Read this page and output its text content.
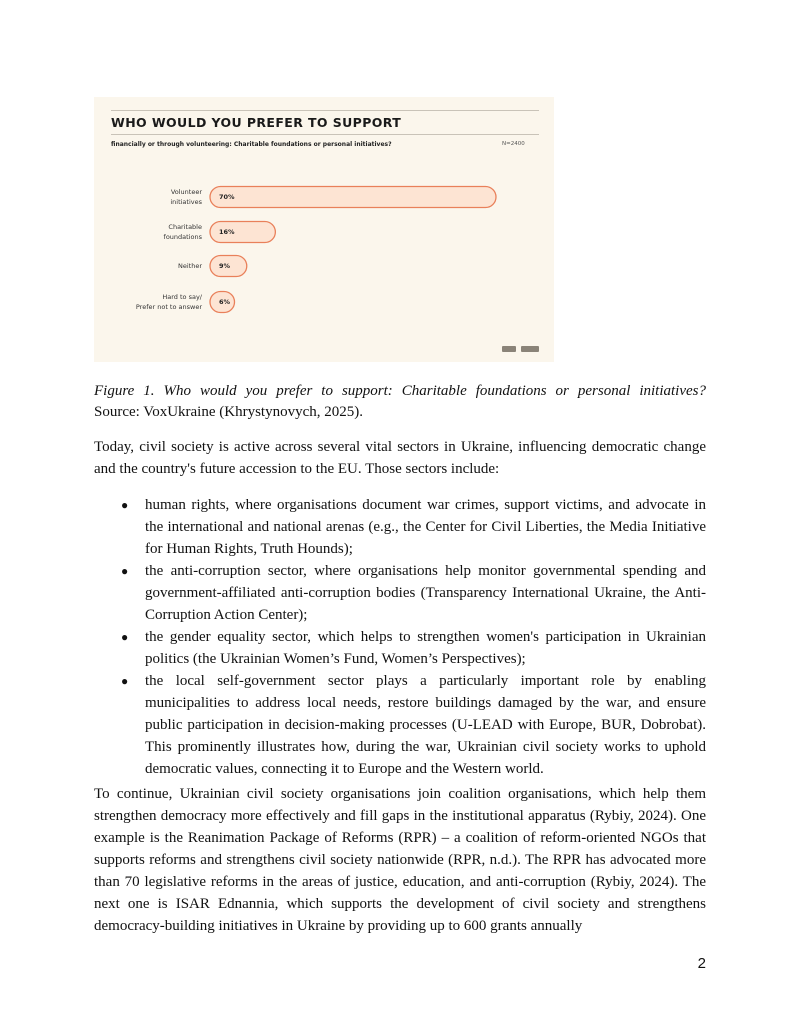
WHO WOULD YOU PREFER TO SUPPORT
financially or through volunteering: Charitable foundations or personal initiatives?	N=2400
70%
Volunteer
initiatives
16%
Charitable
foundations
9%
Neither
6%
Hard to say/
Prefer not to answer
Figure 1. Who would you prefer to support: Charitable foundations or personal initiatives?
Source: VoxUkraine (Khrystynovych, 2025).

Today, civil society is active across several vital sectors in Ukraine, influencing democratic change and the country's future accession to the EU. Those sectors include:

● human rights, where organisations document war crimes, support victims, and advocate in the international and national arenas (e.g., the Center for Civil Liberties, the Media Initiative for Human Rights, Truth Hounds);
● the anti-corruption sector, where organisations help monitor governmental spending and government-affiliated anti-corruption bodies (Transparency International Ukraine, the Anti-Corruption Action Center);
● the gender equality sector, which helps to strengthen women's participation in Ukrainian politics (the Ukrainian Women’s Fund, Women’s Perspectives);
● the local self-government sector plays a particularly important role by enabling municipalities to address local needs, restore buildings damaged by the war, and ensure public participation in decision-making processes (U-LEAD with Europe, BUR, Dobrobat). This prominently illustrates how, during the war, Ukrainian civil society works to uphold democratic values, connecting it to Europe and the Western world.

To continue, Ukrainian civil society organisations join coalition organisations, which help them strengthen democracy more effectively and fill gaps in the institutional apparatus (Rybiy, 2024). One example is the Reanimation Package of Reforms (RPR) – a coalition of reform-oriented NGOs that supports reforms and strengthens civil society nationwide (RPR, n.d.). The RPR has advocated more than 70 legislative reforms in the areas of justice, education, and anti-corruption (Rybiy, 2024). The next one is ISAR Ednannia, which supports the development of civil society and strengthens democracy-building initiatives in Ukraine by providing up to 600 grants annually

2
